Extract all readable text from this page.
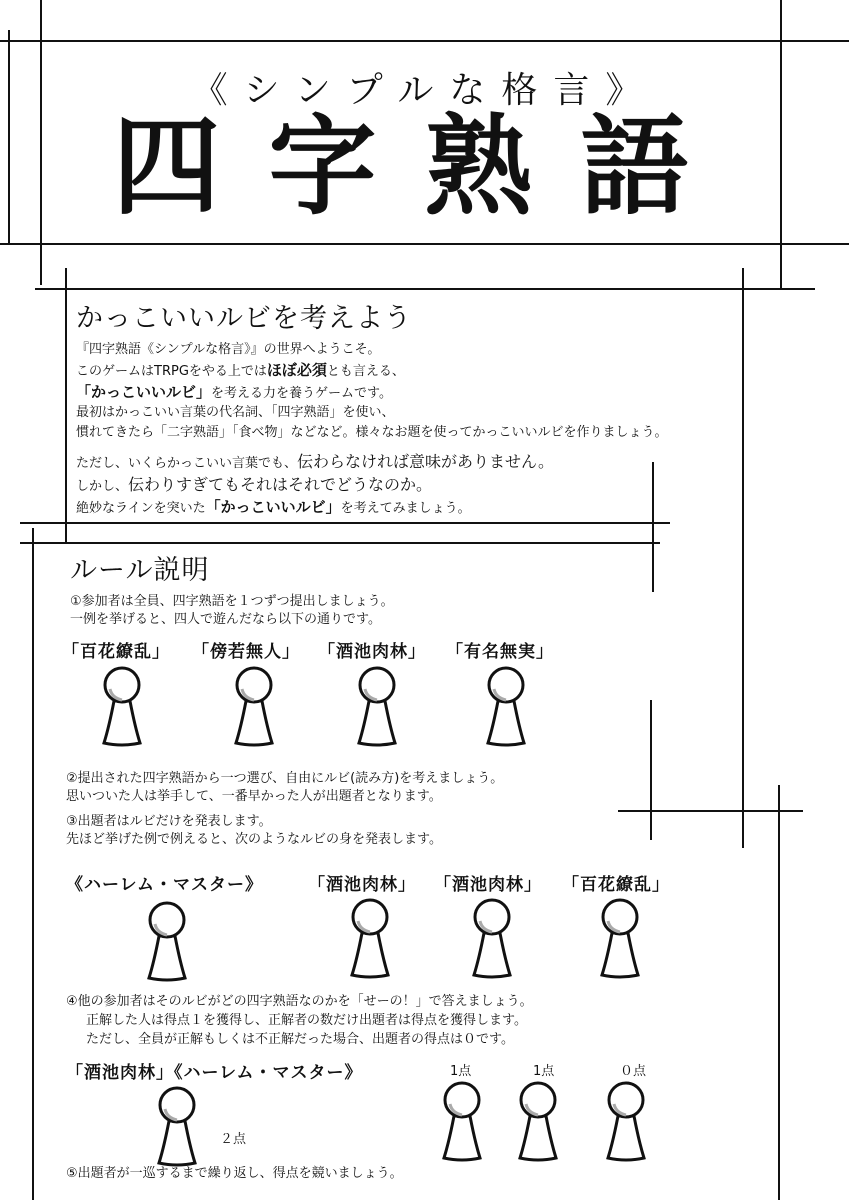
《シンプルな格言》
四字熟語
かっこいいルビを考えよう
『四字熟語《シンプルな格言》』の世界へようこそ。
このゲームはTRPGをやる上ではほぼ必須とも言える、
「かっこいいルビ」を考える力を養うゲームです。
最初はかっこいい言葉の代名詞、「四字熟語」を使い、
慣れてきたら「二字熟語」「食べ物」などなど。様々なお題を使ってかっこいいルビを作りましょう。
ただし、いくらかっこいい言葉でも、伝わらなければ意味がありません。
しかし、伝わりすぎてもそれはそれでどうなのか。
絶妙なラインを突いた「かっこいいルビ」を考えてみましょう。
ルール説明
①参加者は全員、四字熟語を１つずつ提出しましょう。
一例を挙げると、四人で遊んだなら以下の通りです。
「百花繚乱」 「傍若無人」 「酒池肉林」 「有名無実」
②提出された四字熟語から一つ選び、自由にルビ(読み方)を考えましょう。
思いついた人は挙手して、一番早かった人が出題者となります。
③出題者はルビだけを発表します。
先ほど挙げた例で例えると、次のようなルビの身を発表します。
《ハーレム・マスター》	「酒池肉林」 「酒池肉林」 「百花繚乱」
④他の参加者はそのルビがどの四字熟語なのかを「せーの！」で答えましょう。
正解した人は得点１を獲得し、正解者の数だけ出題者は得点を獲得します。
ただし、全員が正解もしくは不正解だった場合、出題者の得点は０です。
「酒池肉林」《ハーレム・マスター》	1点	1点	０点
２点
⑤出題者が一巡するまで繰り返し、得点を競いましょう。
